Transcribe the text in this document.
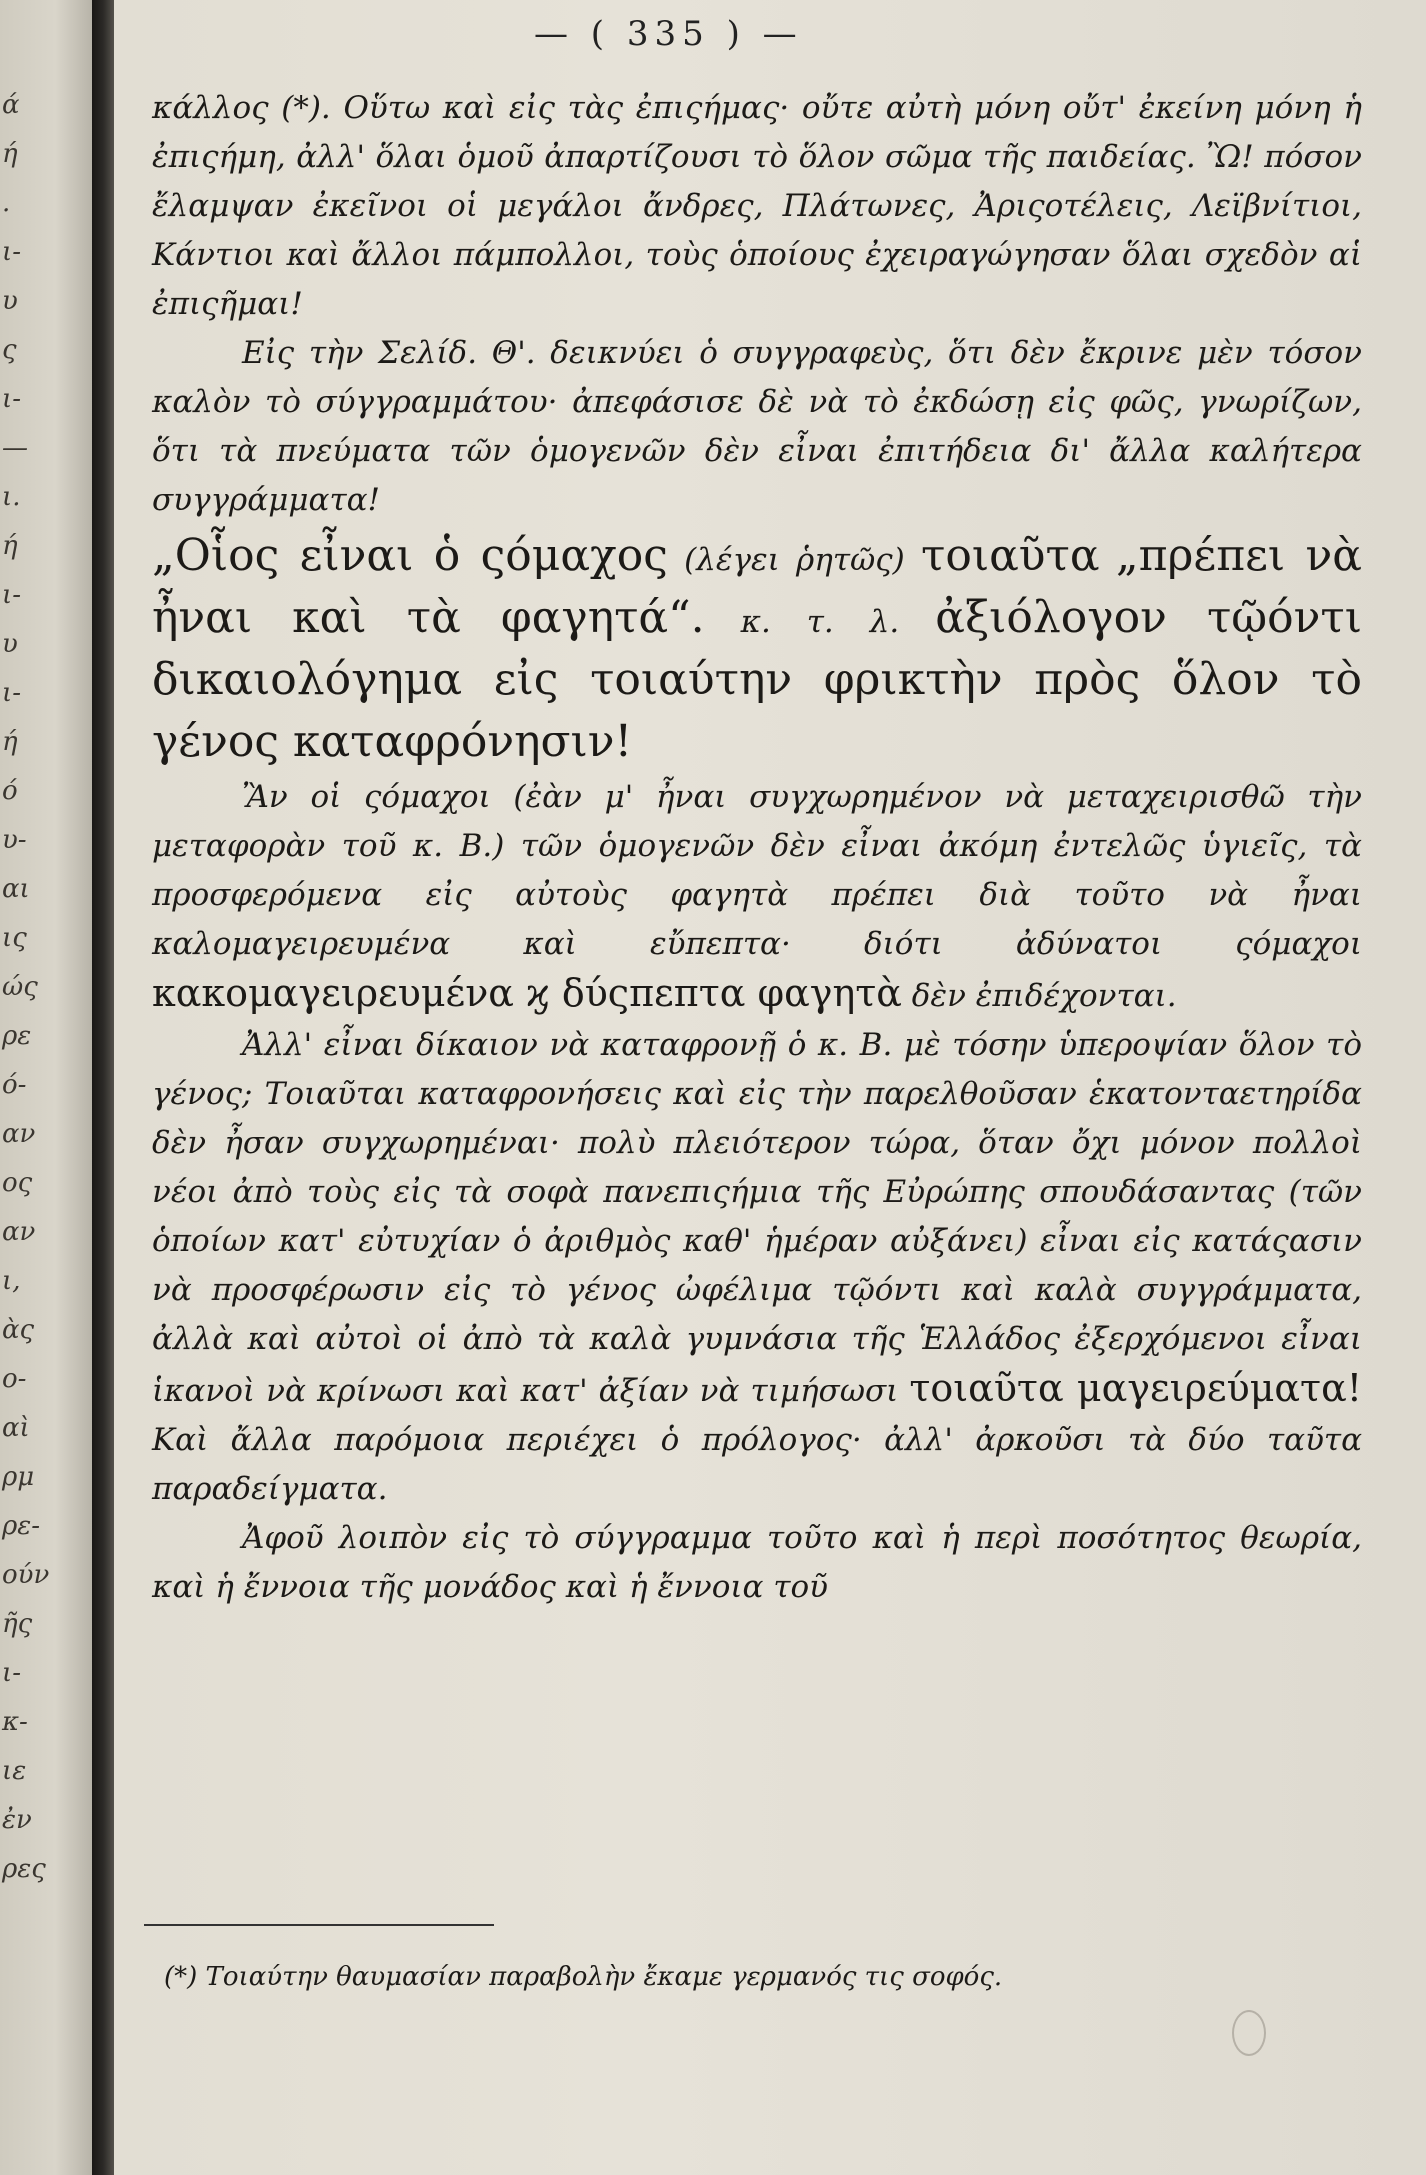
ά
ή
.
ι-
υ
ς
ι-
—
ι.
ή
ι-
υ
ι-
ή
ό
υ-
αι
ις
ώς
ρε
ό-
αν
ος
αν
ι,
ὰς
ο-
αὶ
ρμ
ρε-
ούν
ῆς
ι-
κ-
ιε
ἐν
ρες
— ( 335 ) —

κάλλος (*). Οὕτω καὶ εἰς τὰς ἐπιςήμας· οὔτε αὐτὴ μόνη οὔτ' ἐκείνη μόνη ἡ ἐπιςήμη, ἀλλ' ὅλαι ὁμοῦ ἀπαρτίζουσι τὸ ὅλον σῶμα τῆς παιδείας. Ὢ! πόσον ἔλαμψαν ἐκεῖνοι οἱ μεγάλοι ἄνδρες, Πλάτωνες, Ἀριςοτέλεις, Λεϊβνίτιοι, Κάντιοι καὶ ἄλλοι πάμπολλοι, τοὺς ὁποίους ἐχειραγώγησαν ὅλαι σχεδὸν αἱ ἐπιςῆμαι!

Εἰς τὴν Σελίδ. Θ'. δεικνύει ὁ συγγραφεὺς, ὅτι δὲν ἔκρινε μὲν τόσον καλὸν τὸ σύγγραμμάτου· ἀπεφάσισε δὲ νὰ τὸ ἐκδώσῃ εἰς φῶς, γνωρίζων, ὅτι τὰ πνεύματα τῶν ὁμογενῶν δὲν εἶναι ἐπιτήδεια δι' ἄλλα καλήτερα συγγράμματα!

„Οἷος εἶναι ὁ ςόμαχος (λέγει ῥητῶς) τοιαῦτα „πρέπει νὰ ἦναι καὶ τὰ φαγητά“. κ. τ. λ. ἀξιόλογον τῷόντι δικαιολόγημα εἰς τοιαύτην φρικτὴν πρὸς ὅλον τὸ γένος καταφρόνησιν!

Ἂν οἱ ςόμαχοι (ἐὰν μ' ἦναι συγχωρημένον νὰ μεταχειρισθῶ τὴν μεταφορὰν τοῦ κ. Β.) τῶν ὁμογενῶν δὲν εἶναι ἀκόμη ἐντελῶς ὑγιεῖς, τὰ προσφερόμενα εἰς αὐτοὺς φαγητὰ πρέπει διὰ τοῦτο νὰ ἦναι καλομαγειρευμένα καὶ εὔπεπτα· διότι ἀδύνατοι ςόμαχοι κακομαγειρευμένα ϗ δύςπεπτα φαγητὰ δὲν ἐπιδέχονται.

Ἀλλ' εἶναι δίκαιον νὰ καταφρονῇ ὁ κ. Β. μὲ τόσην ὑπεροψίαν ὅλον τὸ γένος; Τοιαῦται καταφρονήσεις καὶ εἰς τὴν παρελθοῦσαν ἑκατονταετηρίδα δὲν ἦσαν συγχωρημέναι· πολὺ πλειότερον τώρα, ὅταν ὄχι μόνον πολλοὶ νέοι ἀπὸ τοὺς εἰς τὰ σοφὰ πανεπιςήμια τῆς Εὐρώπης σπουδάσαντας (τῶν ὁποίων κατ' εὐτυχίαν ὁ ἀριθμὸς καθ' ἡμέραν αὐξάνει) εἶναι εἰς κατάςασιν νὰ προσφέρωσιν εἰς τὸ γένος ὠφέλιμα τῷόντι καὶ καλὰ συγγράμματα, ἀλλὰ καὶ αὐτοὶ οἱ ἀπὸ τὰ καλὰ γυμνάσια τῆς Ἑλλάδος ἐξερχόμενοι εἶναι ἱκανοὶ νὰ κρίνωσι καὶ κατ' ἀξίαν νὰ τιμήσωσι τοιαῦτα μαγειρεύματα! Καὶ ἄλλα παρόμοια περιέχει ὁ πρόλογος· ἀλλ' ἀρκοῦσι τὰ δύο ταῦτα παραδείγματα.

Ἀφοῦ λοιπὸν εἰς τὸ σύγγραμμα τοῦτο καὶ ἡ περὶ ποσότητος θεωρία, καὶ ἡ ἔννοια τῆς μονάδος καὶ ἡ ἔννοια τοῦ

(*) Τοιαύτην θαυμασίαν παραβολὴν ἔκαμε γερμανός τις σοφός.
